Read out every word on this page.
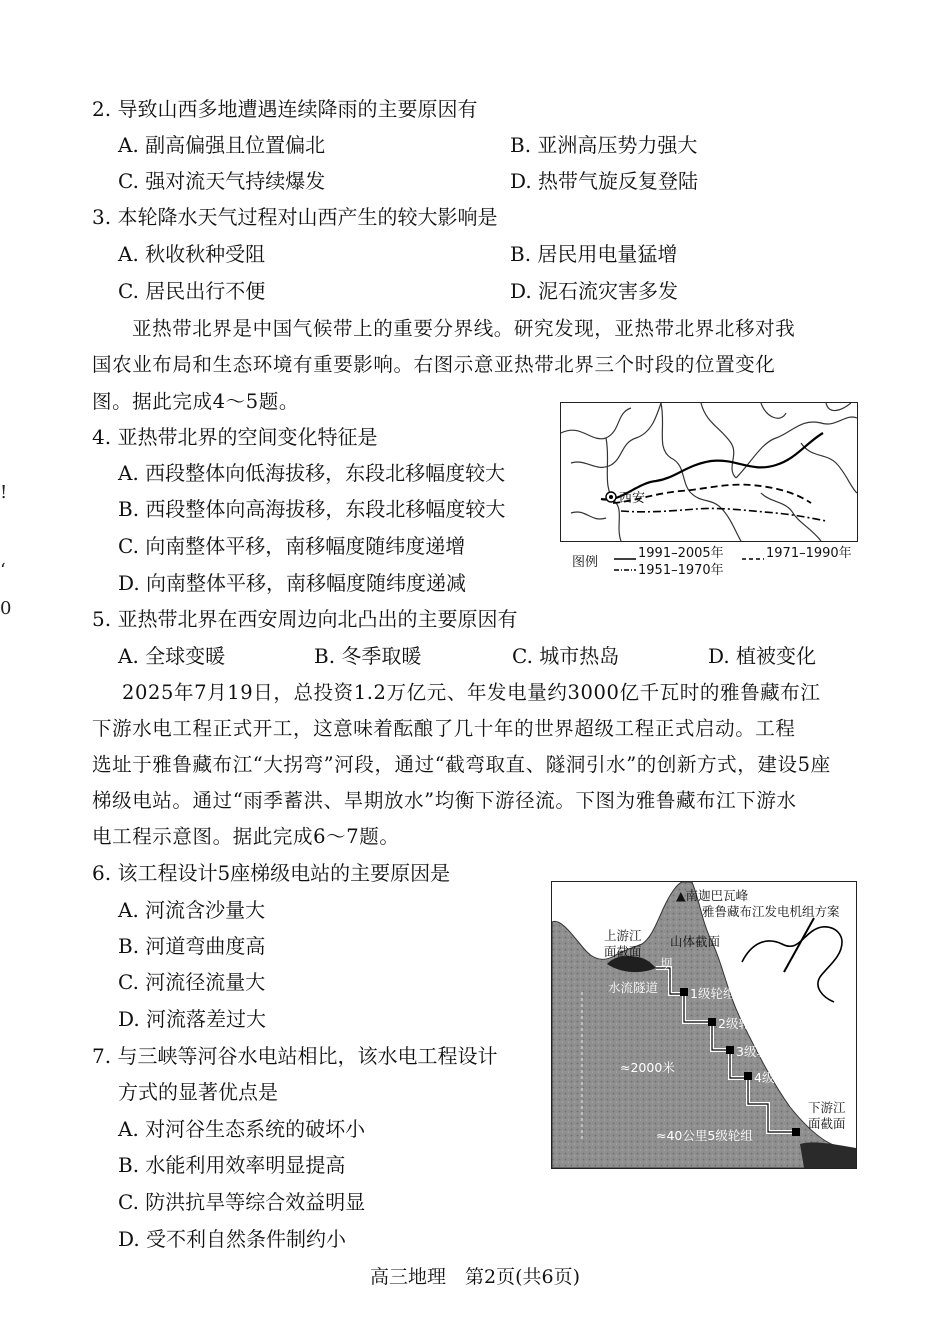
!
‘
0
2. 导致山西多地遭遇连续降雨的主要原因有
A. 副高偏强且位置偏北	B. 亚洲高压势力强大
C. 强对流天气持续爆发	D. 热带气旋反复登陆
3. 本轮降水天气过程对山西产生的较大影响是
A. 秋收秋种受阻	B. 居民用电量猛增
C. 居民出行不便	D. 泥石流灾害多发
亚热带北界是中国气候带上的重要分界线。研究发现，亚热带北界北移对我
国农业布局和生态环境有重要影响。右图示意亚热带北界三个时段的位置变化
图。据此完成4～5题。
4. 亚热带北界的空间变化特征是
A. 西段整体向低海拔移，东段北移幅度较大
B. 西段整体向高海拔移，东段北移幅度较大
C. 向南整体平移，南移幅度随纬度递增
D. 向南整体平移，南移幅度随纬度递减
西安
图例
1991–2005年	1971–1990年
1951–1970年
5. 亚热带北界在西安周边向北凸出的主要原因有
A. 全球变暖	B. 冬季取暖	C. 城市热岛	D. 植被变化
2025年7月19日，总投资1.2万亿元、年发电量约3000亿千瓦时的雅鲁藏布江
下游水电工程正式开工，这意味着酝酿了几十年的世界超级工程正式启动。工程
选址于雅鲁藏布江“大拐弯”河段，通过“截弯取直、隧洞引水”的创新方式，建设5座
梯级电站。通过“雨季蓄洪、旱期放水”均衡下游径流。下图为雅鲁藏布江下游水
电工程示意图。据此完成6～7题。
6. 该工程设计5座梯级电站的主要原因是
A. 河流含沙量大
B. 河道弯曲度高
C. 河流径流量大
D. 河流落差过大
7. 与三峡等河谷水电站相比，该水电工程设计
方式的显著优点是
A. 对河谷生态系统的破坏小
B. 水能利用效率明显提高
C. 防洪抗旱等综合效益明显
D. 受不利自然条件制约小
▲南迦巴瓦峰
雅鲁藏布江发电机组方案
上游江
面截面
山体截面
坝
水流隧道	1级轮组
2级轮组
3级轮组
4级轮组
≈2000米
≈40公里5级轮组
下游江
面截面
高三地理　第2页(共6页)
